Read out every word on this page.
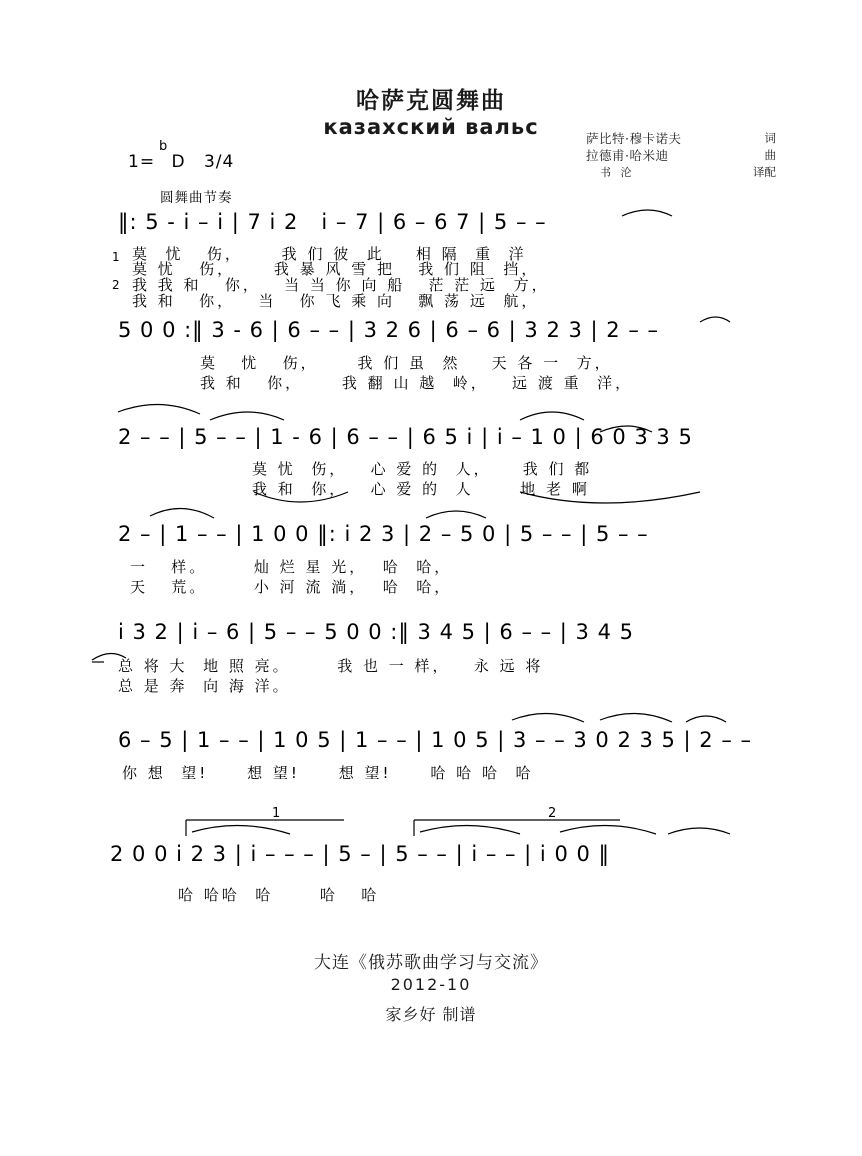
哈萨克圆舞曲
казахский вальс	萨比特·穆卡诺夫	词
拉德甫·哈米迪	曲
书 沦	译配
1=
b
D 3/4
圆舞曲节奏
‖: 5 - i – i | 7 i 2   i – 7 | 6 – 6 7 | 5 – –
1
2
莫  忧   伤，     我 们 彼  此    相 隔  重  洋
莫 忧   伤，     我 暴 风 雪 把   我 们 阻  挡，
我 我 和   你，   当 当 你 向 船   茫 茫 远  方，
我 和   你，   当   你 飞 乘 向   飘 荡 远  航，
5 0 0 :‖ 3 - 6 | 6 – – | 3 2 6 | 6 – 6 | 3 2 3 | 2 – –
莫   忧   伤，     我 们 虽  然    天 各 一  方，
我 和   你，     我 翻 山 越  岭，   远 渡 重  洋，
2 – – | 5 – – | 1 - 6 | 6 – – | 6 5 i | i – 1 0 | 6 0 3 3 5
莫 忧  伤，   心 爱 的  人，    我 们 都
我 和  你，   心 爱 的  人      地 老 啊
2 – | 1 – – | 1 0 0 ‖: i 2 3 | 2 – 5 0 | 5 – – | 5 – –
一   样。      灿 烂 星 光，  哈  哈，
天   荒。      小 河 流 淌，  哈  哈，
i 3 2 | i – 6 | 5 – – 5 0 0 :‖ 3 4 5 | 6 – – | 3 4 5
总 将 大  地 照 亮。      我 也 一 样，   永 远 将
总 是 奔  向 海 洋。
6 – 5 | 1 – – | 1 0 5 | 1 – – | 1 0 5 | 3 – – 3 0 2 3 5 | 2 – –
你 想  望!     想 望!     想 望!     哈 哈 哈  哈
1	2
2 0 0 i 2 3 | i – – – | 5 – | 5 – – | i – – | i 0 0 ‖
哈 哈哈  哈      哈   哈
大连《俄苏歌曲学习与交流》
2012-10
家乡好 制谱
